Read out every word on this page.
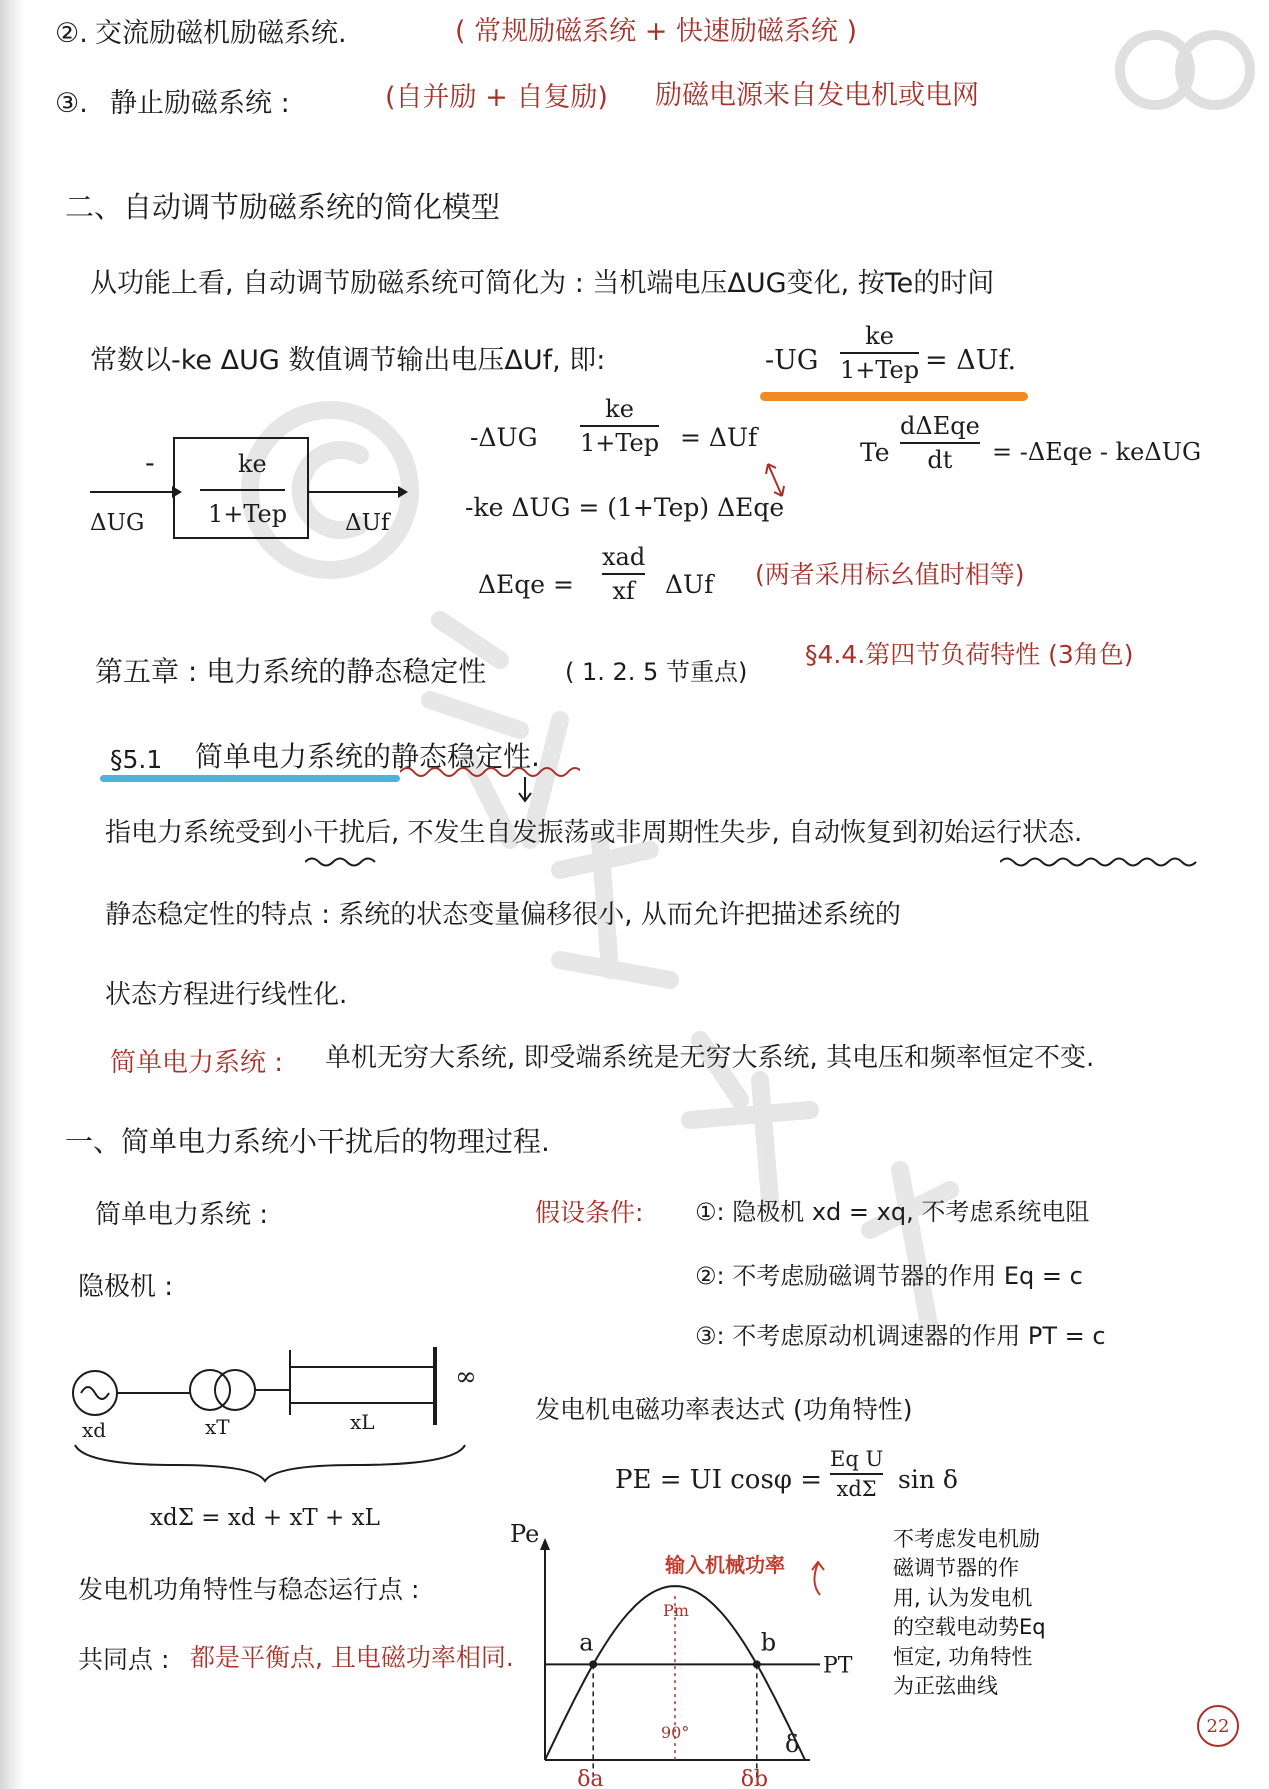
②. 交流励磁机励磁系统.	( 常规励磁系统 + 快速励磁系统 )
③. 静止励磁系统 :	(自并励 + 自复励) 励磁电源来自发电机或电网
二、自动调节励磁系统的简化模型
从功能上看, 自动调节励磁系统可简化为 : 当机端电压ΔUG变化, 按Te的时间
常数以-ke ΔUG 数值调节输出电压ΔUf, 即:	-UG
ke
1+Tep = ΔUf.
-	ke
1+Tep
ΔUG	ΔUf
-ΔUG
ke
1+Tep = ΔUf
Te
dΔEqe
dt = -ΔEqe - keΔUG
-ke ΔUG = (1+Tep) ΔEqe
ΔEqe =
xad
xf ΔUf (两者采用标幺值时相等)
第五章 : 电力系统的静态稳定性	( 1. 2. 5 节重点)
§4.4.第四节负荷特性 (3角色)
§5.1 简单电力系统的静态稳定性.
指电力系统受到小干扰后, 不发生自发振荡或非周期性失步, 自动恢复到初始运行状态.
静态稳定性的特点 : 系统的状态变量偏移很小, 从而允许把描述系统的
状态方程进行线性化.
简单电力系统 : 单机无穷大系统, 即受端系统是无穷大系统, 其电压和频率恒定不变.
一、简单电力系统小干扰后的物理过程.
简单电力系统 :
隐极机 :
假设条件: ①: 隐极机 xd = xq, 不考虑系统电阻
②: 不考虑励磁调节器的作用 Eq = c
③: 不考虑原动机调速器的作用 PT = c
∞
xd	xT	xL
xdΣ = xd + xT + xL
发电机电磁功率表达式 (功角特性)
PE = UI cosφ =
Eq U
xdΣ sin δ
发电机功角特性与稳态运行点 :
共同点 : 都是平衡点, 且电磁功率相同.
Pe
a	b
Pm
PT
90°	δ
δa	δb
输入机械功率
不考虑发电机励
磁调节器的作
用, 认为发电机
的空载电动势Eq
恒定, 功角特性
为正弦曲线
22
